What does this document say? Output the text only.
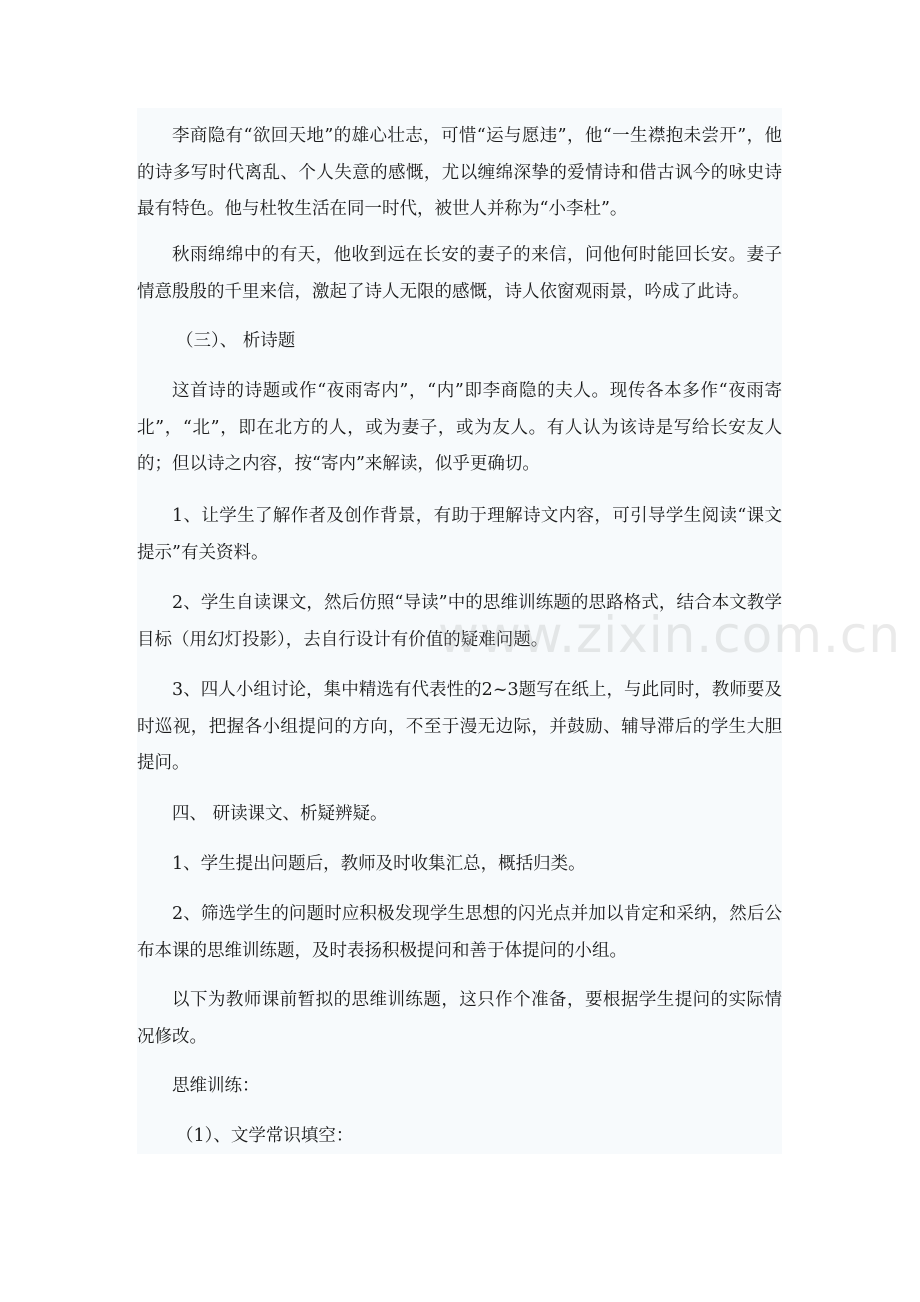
李商隐有“欲回天地”的雄心壮志，可惜“运与愿违”，他“一生襟抱未尝开”，他的诗多写时代离乱、个人失意的感慨，尤以缠绵深挚的爱情诗和借古讽今的咏史诗最有特色。他与杜牧生活在同一时代，被世人并称为“小李杜”。

秋雨绵绵中的有天，他收到远在长安的妻子的来信，问他何时能回长安。妻子情意殷殷的千里来信，激起了诗人无限的感慨，诗人依窗观雨景，吟成了此诗。

（三）、 析诗题

这首诗的诗题或作“夜雨寄内”，“内”即李商隐的夫人。现传各本多作“夜雨寄北”，“北”，即在北方的人，或为妻子，或为友人。有人认为该诗是写给长安友人的；但以诗之内容，按“寄内”来解读，似乎更确切。

1、让学生了解作者及创作背景，有助于理解诗文内容，可引导学生阅读“课文提示”有关资料。

2、学生自读课文，然后仿照“导读”中的思维训练题的思路格式，结合本文教学目标（用幻灯投影），去自行设计有价值的疑难问题。

3、四人小组讨论，集中精选有代表性的2~3题写在纸上，与此同时，教师要及时巡视，把握各小组提问的方向，不至于漫无边际，并鼓励、辅导滞后的学生大胆提问。

四、 研读课文、析疑辨疑。

1、学生提出问题后，教师及时收集汇总，概括归类。

2、筛选学生的问题时应积极发现学生思想的闪光点并加以肯定和采纳，然后公布本课的思维训练题，及时表扬积极提问和善于体提问的小组。

以下为教师课前暂拟的思维训练题，这只作个准备，要根据学生提问的实际情况修改。

思维训练：

（1）、文学常识填空：

www.zixin.com.cn
